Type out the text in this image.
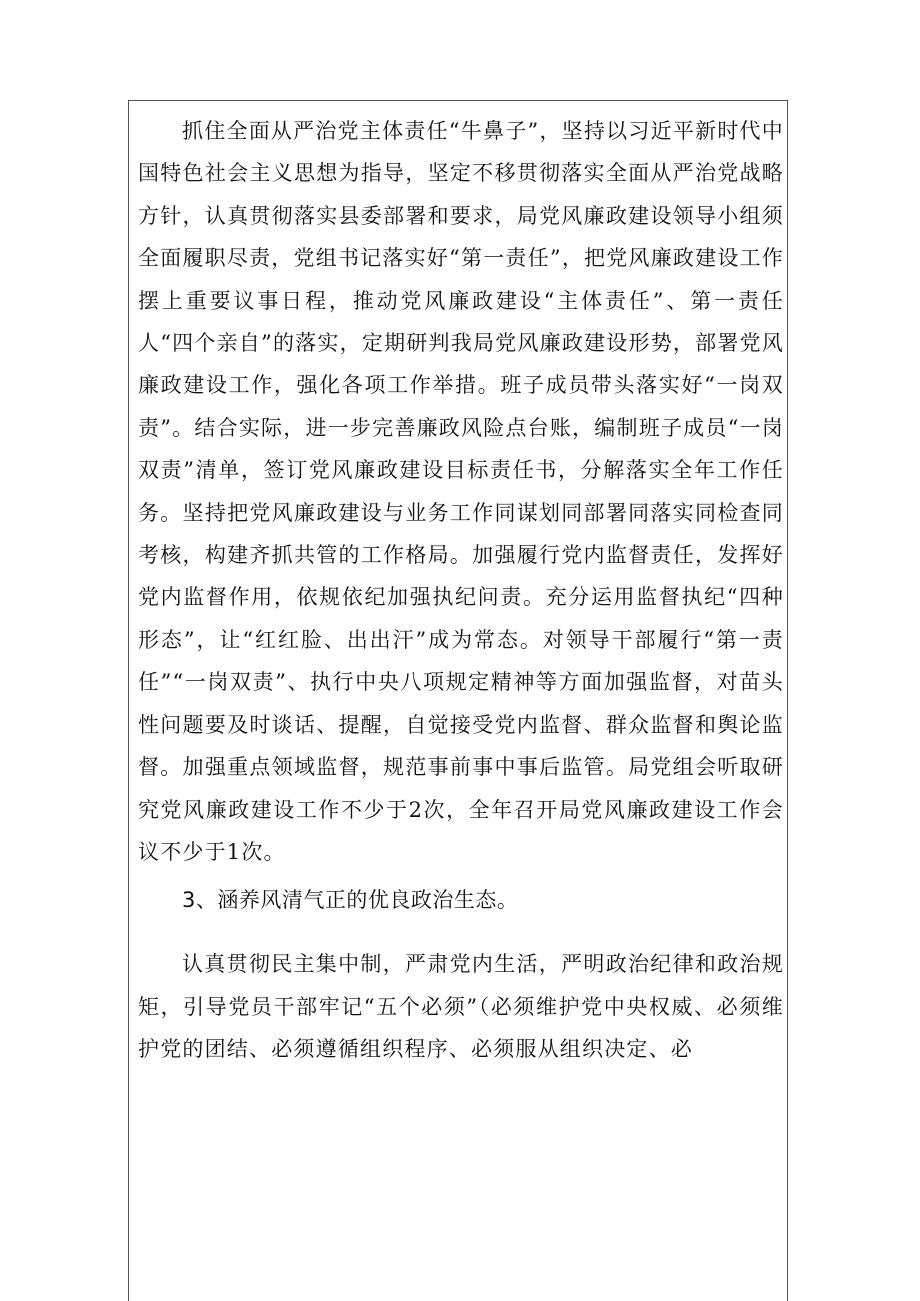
抓住全面从严治党主体责任“牛鼻子”，坚持以习近平新时代中国特色社会主义思想为指导，坚定不移贯彻落实全面从严治党战略方针，认真贯彻落实县委部署和要求，局党风廉政建设领导小组须全面履职尽责，党组书记落实好“第一责任”，把党风廉政建设工作摆上重要议事日程，推动党风廉政建设“主体责任”、第一责任人“四个亲自”的落实，定期研判我局党风廉政建设形势，部署党风廉政建设工作，强化各项工作举措。班子成员带头落实好“一岗双责”。结合实际，进一步完善廉政风险点台账，编制班子成员“一岗双责”清单，签订党风廉政建设目标责任书，分解落实全年工作任务。坚持把党风廉政建设与业务工作同谋划同部署同落实同检查同考核，构建齐抓共管的工作格局。加强履行党内监督责任，发挥好党内监督作用，依规依纪加强执纪问责。充分运用监督执纪“四种形态”，让“红红脸、出出汗”成为常态。对领导干部履行“第一责任”“一岗双责”、执行中央八项规定精神等方面加强监督，对苗头性问题要及时谈话、提醒，自觉接受党内监督、群众监督和舆论监督。加强重点领域监督，规范事前事中事后监管。局党组会听取研究党风廉政建设工作不少于2次，全年召开局党风廉政建设工作会议不少于1次。

3、涵养风清气正的优良政治生态。

认真贯彻民主集中制，严肃党内生活，严明政治纪律和政治规矩，引导党员干部牢记“五个必须”（必须维护党中央权威、必须维护党的团结、必须遵循组织程序、必须服从组织决定、必
